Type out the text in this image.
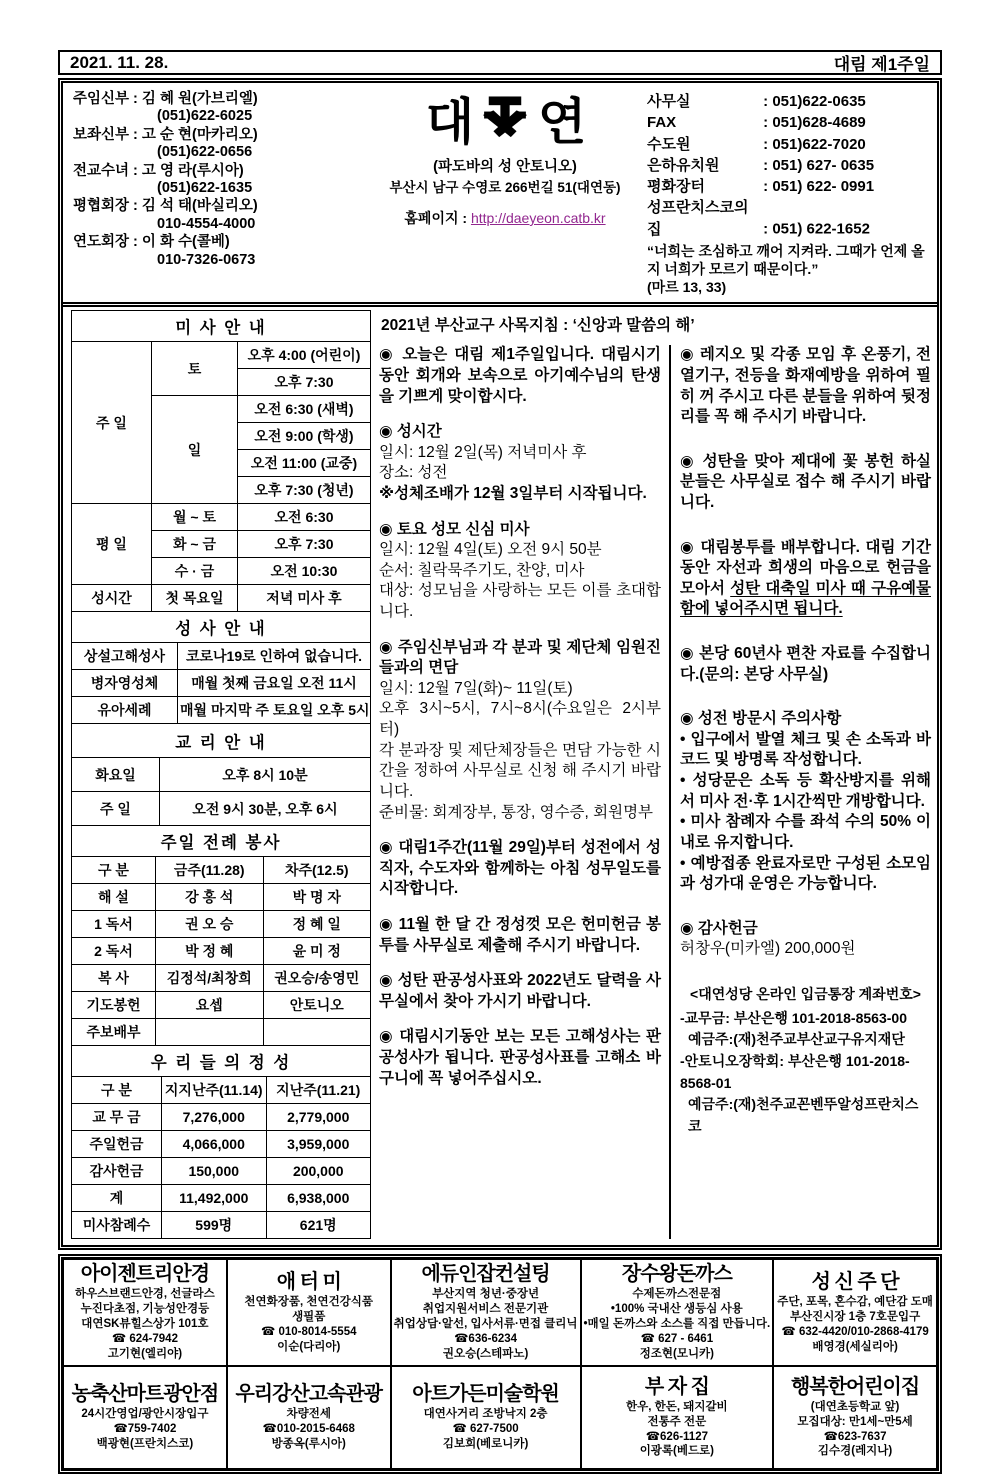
2021. 11. 28.	대림 제1주일
주임신부 : 김 혜 원(가브리엘)
(051)622-6025
보좌신부 : 고 순 현(마카리오)
(051)622-0656
전교수녀 : 고 영 라(루시아)
(051)622-1635
평협회장 : 김 석 태(바실리오)
010-4554-4000
연도회장 : 이 화 수(콜베)
010-7326-0673
대 연
(파도바의 성 안토니오)
부산시 남구 수영로 266번길 51(대연동)
홈페이지 : http://daeyeon.catb.kr
사무실	: 051)622-0635
FAX	: 051)628-4689
수도원	: 051)622-7020
은하유치원	: 051) 627- 0635
평화장터	: 051) 622- 0991
성프란치스코의집	: 051) 622-1652
“너희는 조심하고 깨어 지켜라. 그때가 언제 올지 너희가 모르기 때문이다.”
(마르 13, 33)
미 사 안 내		
주 일	토	오후 4:00 (어린이)
		오후 7:30
	일	오전 6:30 (새벽)
		오전 9:00 (학생)
		오전 11:00 (교중)
		오후 7:30 (청년)
평 일	월 ~ 토	오전 6:30
	화 ~ 금	오후 7:30
	수 · 금	오전 10:30
성시간	첫 목요일	저녁 미사 후
성 사 안 내	
상설고해성사	코로나19로 인하여 없습니다.
병자영성체	매월 첫째 금요일 오전 11시
유아세례	매월 마지막 주 토요일 오후 5시
교 리 안 내	
화요일	오후 8시 10분
주 일	오전 9시 30분, 오후 6시
주일 전례 봉사		
구 분	금주(11.28)	차주(12.5)
해 설	강 홍 석	박 명 자
1 독서	권 오 승	정 혜 일
2 독서	박 정 혜	윤 미 정
복 사	김정석/최창희	권오승/송영민
기도봉헌	요셉	안토니오
주보배부		
우 리 들 의 정 성		
구 분	지지난주(11.14)	지난주(11.21)
교 무 금	7,276,000	2,779,000
주일헌금	4,066,000	3,959,000
감사헌금	150,000	200,000
계	11,492,000	6,938,000
미사참례수	599명	621명
2021년 부산교구 사목지침 : ‘신앙과 말씀의 해’

◉ 오늘은 대림 제1주일입니다. 대림시기동안 회개와 보속으로 아기예수님의 탄생을 기쁘게 맞이합시다.

◉ 성시간

일시: 12월 2일(목) 저녁미사 후

장소: 성전

※성체조배가 12월 3일부터 시작됩니다.

◉ 토요 성모 신심 미사

일시: 12월 4일(토) 오전 9시 50분

순서: 칠락묵주기도, 찬양, 미사

대상: 성모님을 사랑하는 모든 이를 초대합니다.

◉ 주임신부님과 각 분과 및 제단체 임원진들과의 면담

일시: 12월 7일(화)~ 11일(토)

오후 3시~5시, 7시~8시(수요일은 2시부터)

각 분과장 및 제단체장들은 면담 가능한 시간을 정하여 사무실로 신청 해 주시기 바랍니다.

준비물: 회계장부, 통장, 영수증, 회원명부

◉ 대림1주간(11월 29일)부터 성전에서 성직자, 수도자와 함께하는 아침 성무일도를 시작합니다.

◉ 11월 한 달 간 정성껏 모은 헌미헌금 봉투를 사무실로 제출해 주시기 바랍니다.

◉ 성탄 판공성사표와 2022년도 달력을 사무실에서 찾아 가시기 바랍니다.

◉ 대림시기동안 보는 모든 고해성사는 판공성사가 됩니다. 판공성사표를 고해소 바구니에 꼭 넣어주십시오.

◉ 레지오 및 각종 모임 후 온풍기, 전열기구, 전등을 화재예방을 위하여 필히 꺼 주시고 다른 분들을 위하여 뒷정리를 꼭 해 주시기 바랍니다.

◉ 성탄을 맞아 제대에 꽃 봉헌 하실 분들은 사무실로 접수 해 주시기 바랍니다.

◉ 대림봉투를 배부합니다. 대림 기간 동안 자선과 희생의 마음으로 헌금을 모아서 성탄 대축일 미사 때 구유예물함에 넣어주시면 됩니다.

◉ 본당 60년사 편찬 자료를 수집합니다.(문의: 본당 사무실)

◉ 성전 방문시 주의사항

• 입구에서 발열 체크 및 손 소독과 바코드 및 방명록 작성합니다.

• 성당문은 소독 등 확산방지를 위해서 미사 전·후 1시간씩만 개방합니다.

• 미사 참례자 수를 좌석 수의 50% 이내로 유지합니다.

• 예방접종 완료자로만 구성된 소모임과 성가대 운영은 가능합니다.

◉ 감사헌금

허창우(미카엘) 200,000원

<대연성당 온라인 입금통장 계좌번호>
-교무금: 부산은행 101-2018-8563-00
예금주:(재)천주교부산교구유지재단
-안토니오장학회: 부산은행 101-2018-8568-01
예금주:(재)천주교꼰벤뚜알성프란치스코
아이젠트리안경
하우스브랜드안경, 선글라스
누진다초점, 기능성안경등
대연SK뷰힐스상가 101호
☎ 624-7942
고기현(엘리야)
애 터 미
천연화장품, 천연건강식품
생필품
☎ 010-8014-5554
이순(다리아)
에듀인잡컨설팅
부산지역 청년·중장년
취업지원서비스 전문기관
취업상담·알선, 입사서류·면접 클리닉
☎636-6234
권오승(스테파노)
장수왕돈까스
수제돈까스전문점
•100% 국내산 생등심 사용
•매일 돈까스와 소스를 직접 만듭니다.
☎ 627 - 6461
정조현(모니카)
성 신 주 단
주단, 포목, 혼수감, 예단감 도매
부산진시장 1층 7호문입구
☎ 632-4420/010-2868-4179
배영경(세실리아)
농축산마트광안점
24시간영업/광안시장입구
☎759-7402
백광현(프란치스코)
우리강산고속관광
차량전세
☎010-2015-6468
방종옥(루시아)
아트가든미술학원
대연사거리 조방낙지 2층
☎ 627-7500
김보희(베로니카)
부 자 집
한우, 한돈, 돼지갈비
전통주 전문
☎626-1127
이광록(베드로)
행복한어린이집
(대연초등학교 앞)
모집대상: 만1세~만5세
☎623-7637
김수경(레지나)
